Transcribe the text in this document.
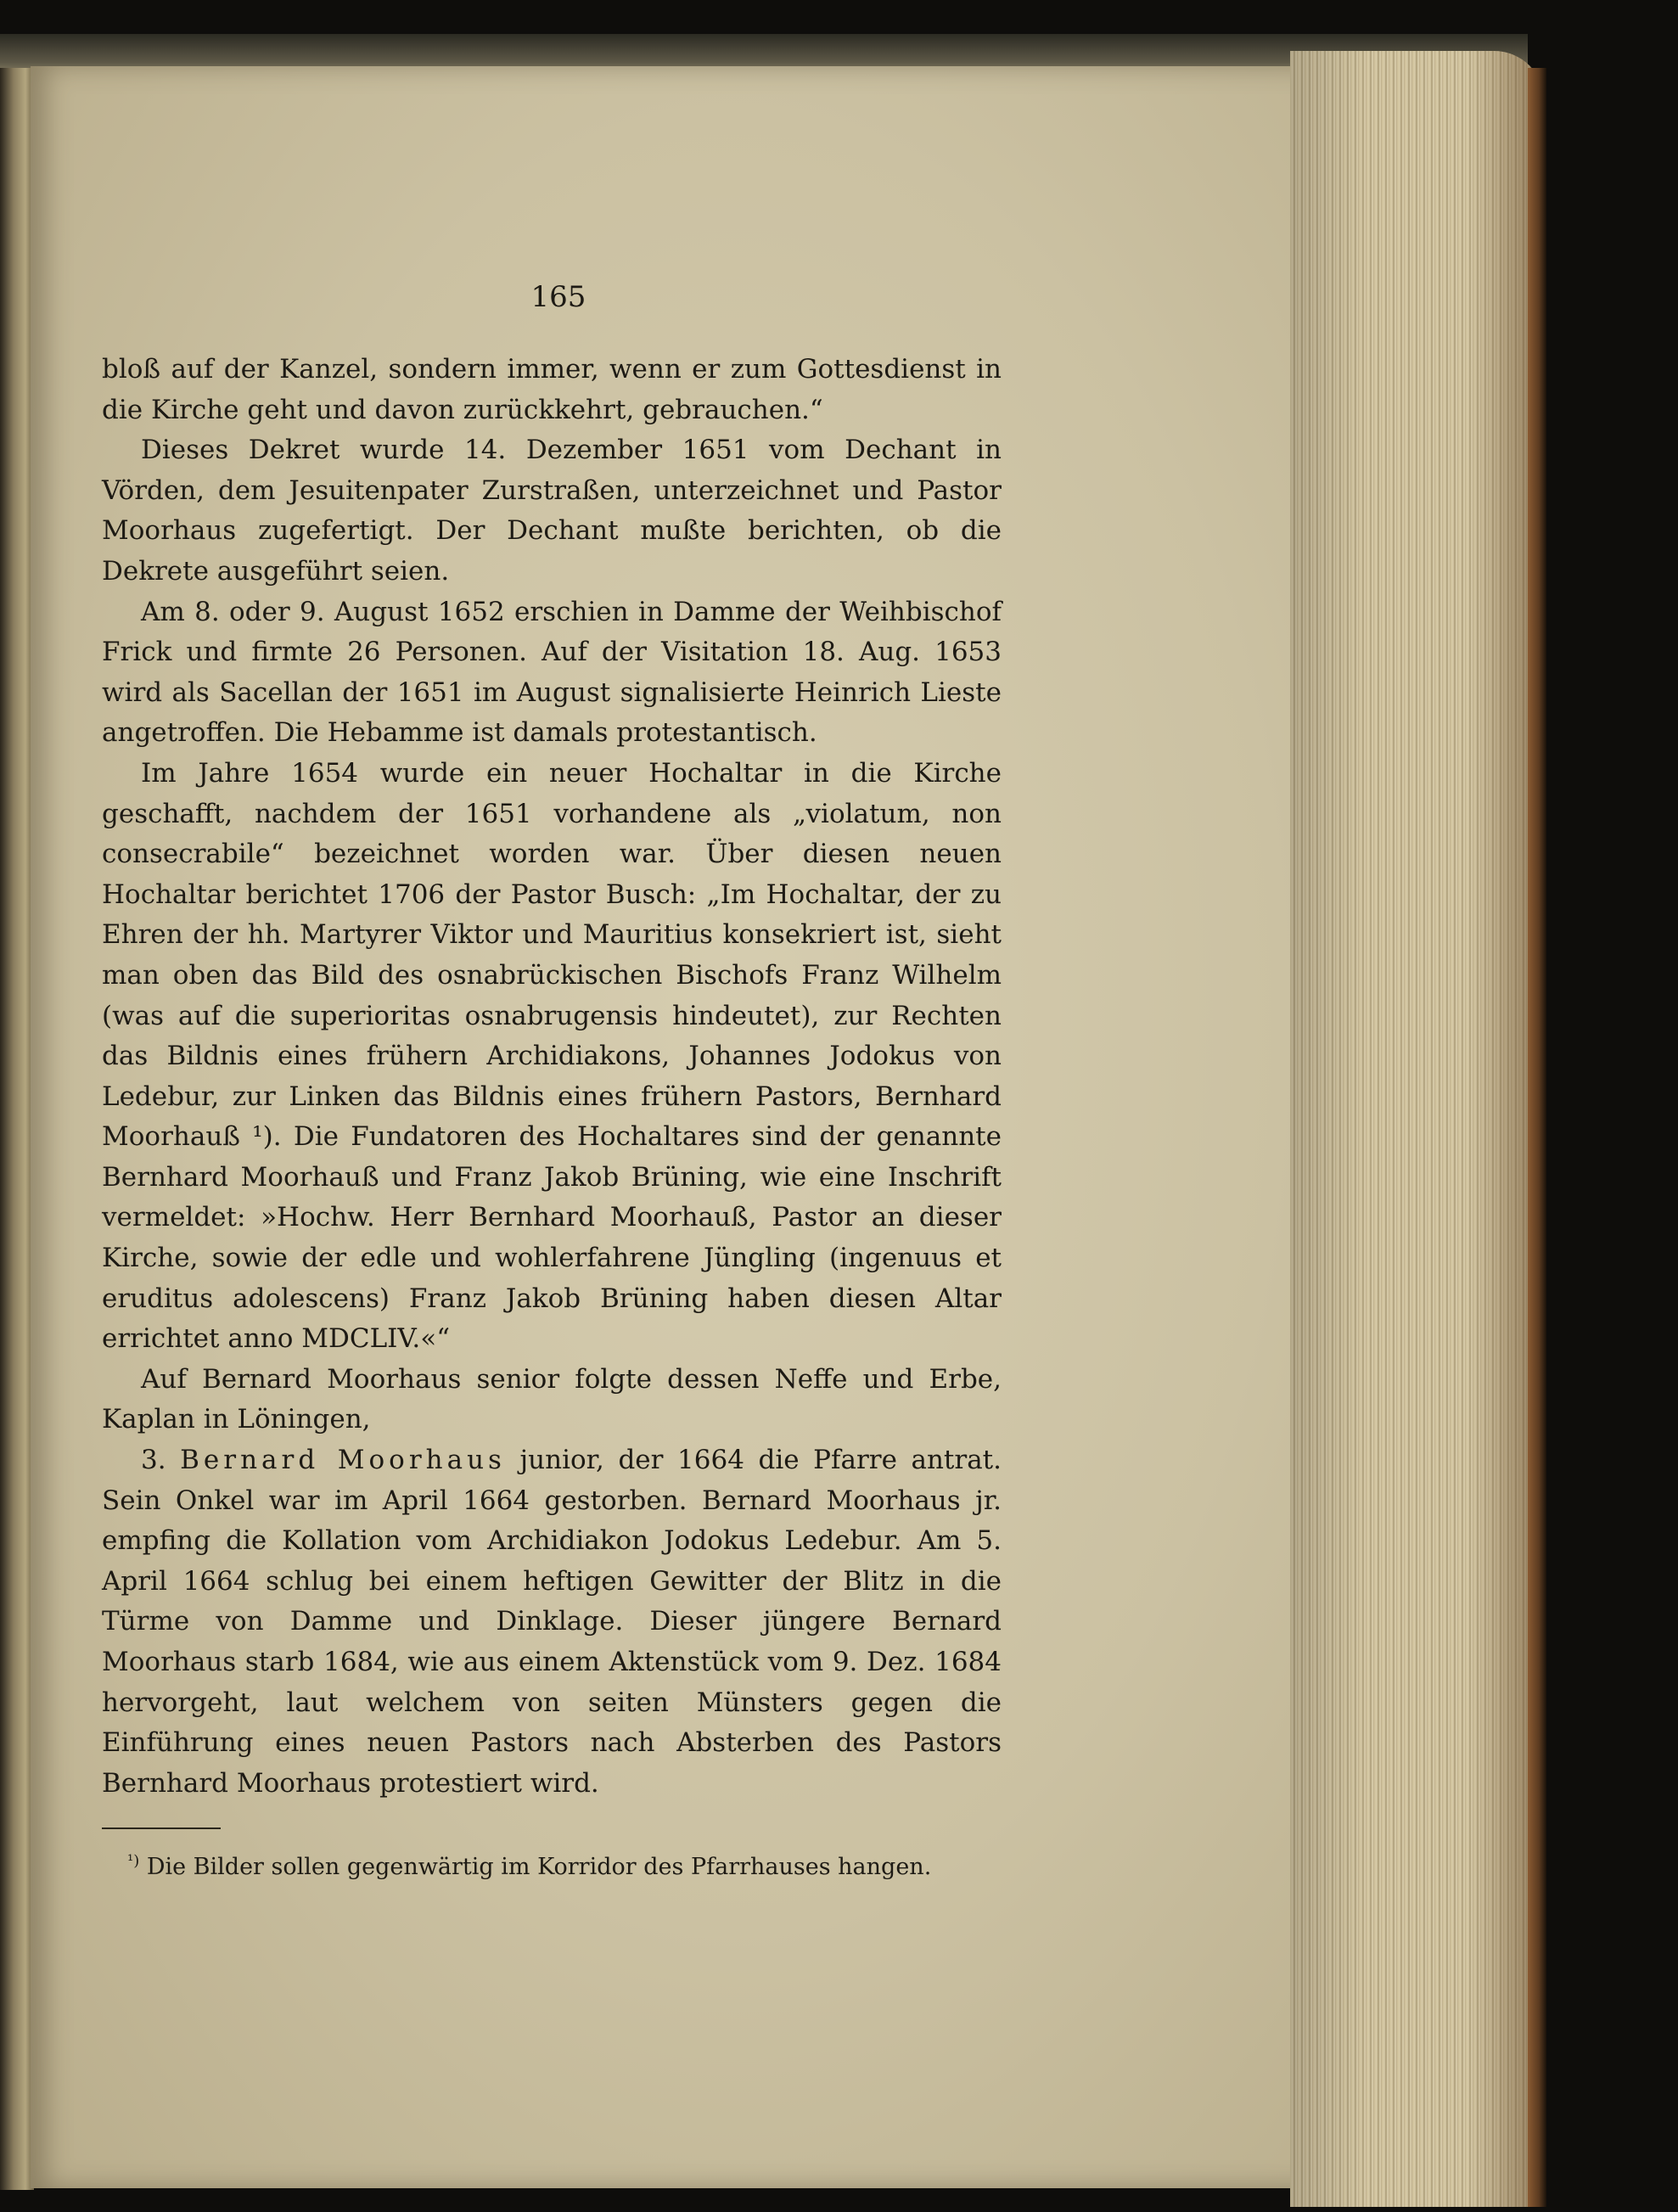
165

bloß auf der Kanzel, sondern immer, wenn er zum Gottesdienst in die Kirche geht und davon zurückkehrt, gebrauchen.“

Dieses Dekret wurde 14. Dezember 1651 vom Dechant in Vörden, dem Jesuitenpater Zurstraßen, unterzeichnet und Pastor Moorhaus zugefertigt. Der Dechant mußte berichten, ob die Dekrete ausgeführt seien.

Am 8. oder 9. August 1652 erschien in Damme der Weihbischof Frick und firmte 26 Personen. Auf der Visitation 18. Aug. 1653 wird als Sacellan der 1651 im August signalisierte Heinrich Lieste angetroffen. Die Hebamme ist damals protestantisch.

Im Jahre 1654 wurde ein neuer Hochaltar in die Kirche geschafft, nachdem der 1651 vorhandene als „violatum, non consecrabile“ bezeichnet worden war. Über diesen neuen Hochaltar berichtet 1706 der Pastor Busch: „Im Hochaltar, der zu Ehren der hh. Martyrer Viktor und Mauritius konsekriert ist, sieht man oben das Bild des osnabrückischen Bischofs Franz Wilhelm (was auf die superioritas osnabrugensis hindeutet), zur Rechten das Bildnis eines frühern Archidiakons, Johannes Jodokus von Ledebur, zur Linken das Bildnis eines frühern Pastors, Bernhard Moorhauß ¹). Die Fundatoren des Hochaltares sind der genannte Bernhard Moorhauß und Franz Jakob Brüning, wie eine Inschrift vermeldet: »Hochw. Herr Bernhard Moorhauß, Pastor an dieser Kirche, sowie der edle und wohlerfahrene Jüngling (ingenuus et eruditus adolescens) Franz Jakob Brüning haben diesen Altar errichtet anno MDCLIV.«“

Auf Bernard Moorhaus senior folgte dessen Neffe und Erbe, Kaplan in Löningen,

3. Bernard Moorhaus junior, der 1664 die Pfarre antrat. Sein Onkel war im April 1664 gestorben. Bernard Moorhaus jr. empfing die Kollation vom Archidiakon Jodokus Ledebur. Am 5. April 1664 schlug bei einem heftigen Gewitter der Blitz in die Türme von Damme und Dinklage. Dieser jüngere Bernard Moorhaus starb 1684, wie aus einem Aktenstück vom 9. Dez. 1684 hervorgeht, laut welchem von seiten Münsters gegen die Einführung eines neuen Pastors nach Absterben des Pastors Bernhard Moorhaus protestiert wird.

$^{^1)}$ Die Bilder sollen gegenwärtig im Korridor des Pfarrhauses hangen.
